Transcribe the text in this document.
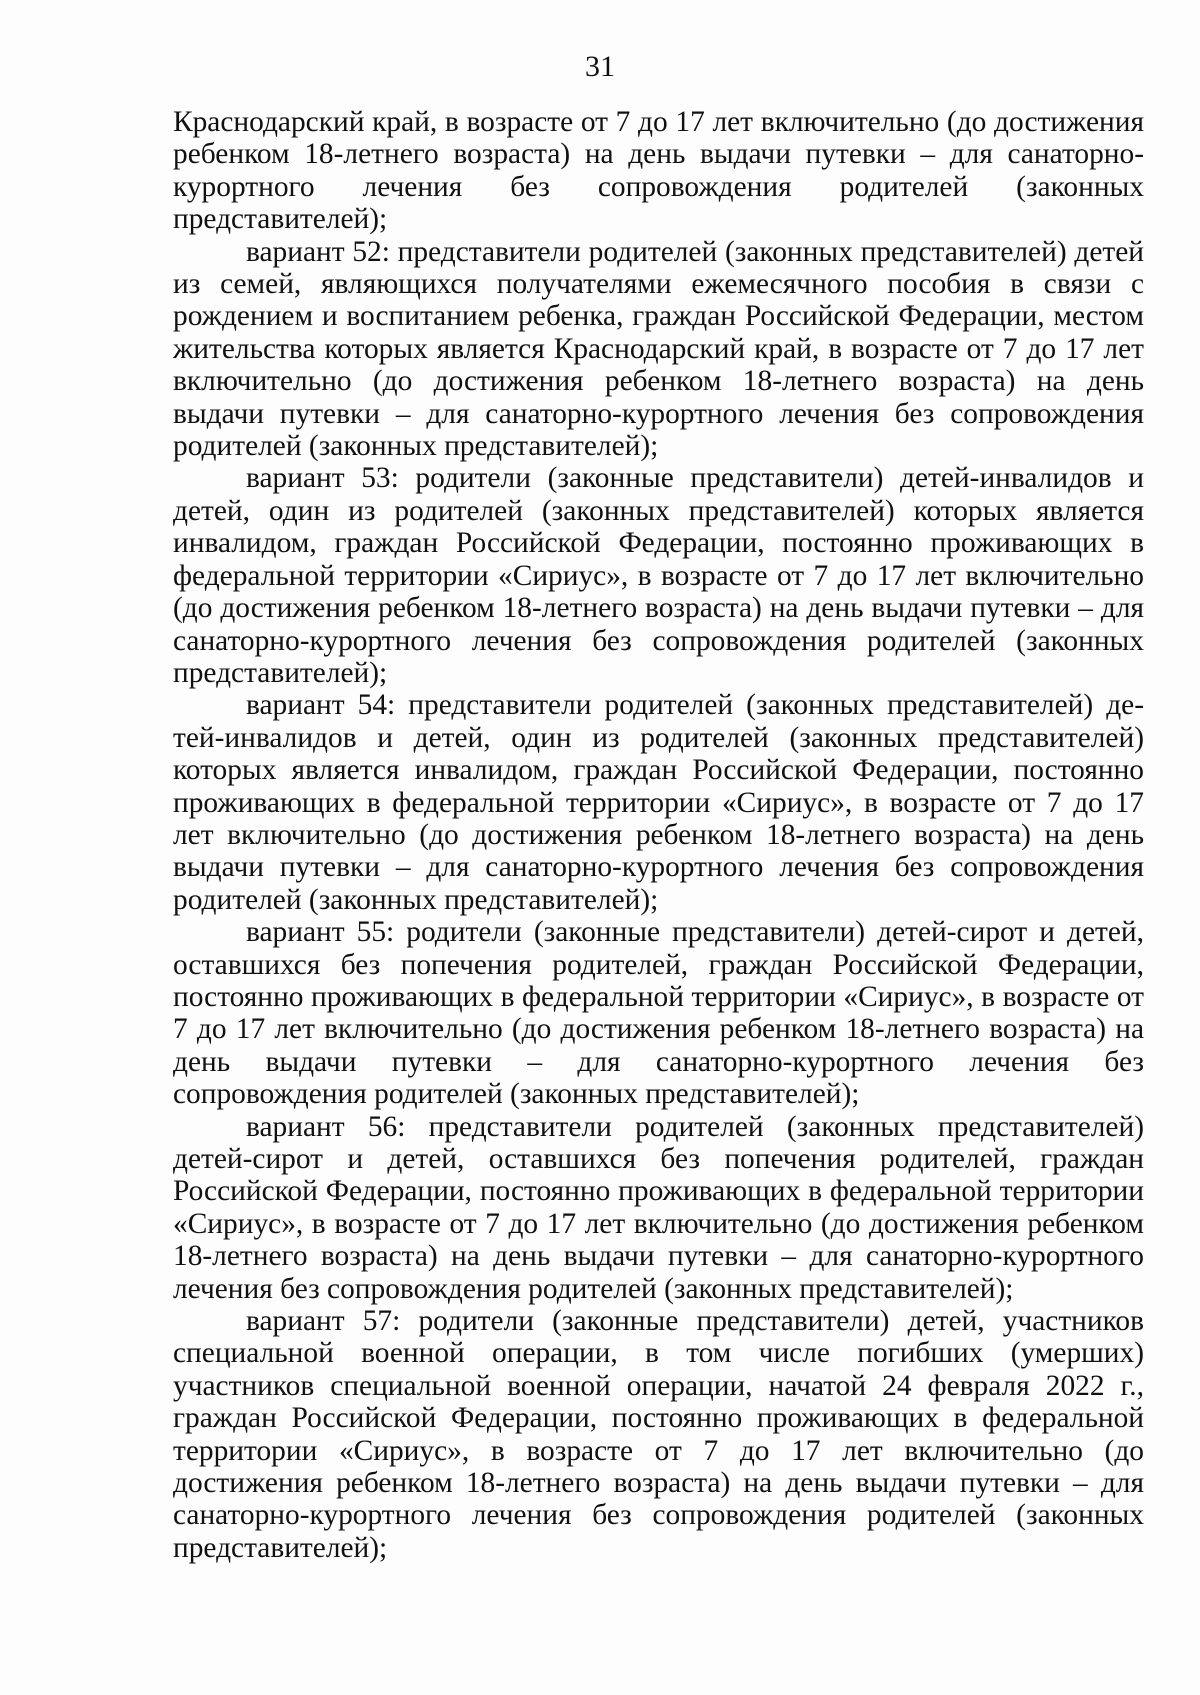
31

Краснодарский край, в возрасте от 7 до 17 лет включительно (до достижения ребенком 18-летнего возраста) на день выдачи путевки – для санаторно-курортного лечения без сопровождения родителей (законных представителей);

вариант 52: представители родителей (законных представителей) детей из семей, являющихся получателями ежемесячного пособия в связи с рождением и воспитанием ребенка, граждан Российской Федерации, местом жительства которых является Краснодарский край, в возрасте от 7 до 17 лет включительно (до достижения ребенком 18-летнего возраста) на день выдачи путевки – для санаторно-курортного лечения без сопровождения родителей (законных представителей);

вариант 53: родители (законные представители) детей-инвалидов и детей, один из родителей (законных представителей) которых является инвалидом, граждан Российской Федерации, постоянно проживающих в федеральной территории «Сириус», в возрасте от 7 до 17 лет включительно (до достижения ребенком 18-летнего возраста) на день выдачи путевки – для санаторно-курортного лечения без сопровождения родителей (законных представителей);

вариант 54: представители родителей (законных представителей) детей-инвалидов и детей, один из родителей (законных представителей) которых является инвалидом, граждан Российской Федерации, постоянно проживающих в федеральной территории «Сириус», в возрасте от 7 до 17 лет включительно (до достижения ребенком 18-летнего возраста) на день выдачи путевки – для санаторно-курортного лечения без сопровождения родителей (законных представителей);

вариант 55: родители (законные представители) детей-сирот и детей, оставшихся без попечения родителей, граждан Российской Федерации, постоянно проживающих в федеральной территории «Сириус», в возрасте от 7 до 17 лет включительно (до достижения ребенком 18-летнего возраста) на день выдачи путевки – для санаторно-курортного лечения без сопровождения родителей (законных представителей);

вариант 56: представители родителей (законных представителей) детей-сирот и детей, оставшихся без попечения родителей, граждан Российской Федерации, постоянно проживающих в федеральной территории «Сириус», в возрасте от 7 до 17 лет включительно (до достижения ребенком 18-летнего возраста) на день выдачи путевки – для санаторно-курортного лечения без сопровождения родителей (законных представителей);

вариант 57: родители (законные представители) детей, участников специальной военной операции, в том числе погибших (умерших) участников специальной военной операции, начатой 24 февраля 2022 г., граждан Российской Федерации, постоянно проживающих в федеральной территории «Сириус», в возрасте от 7 до 17 лет включительно (до достижения ребенком 18-летнего возраста) на день выдачи путевки – для санаторно-курортного лечения без сопровождения родителей (законных представителей);
